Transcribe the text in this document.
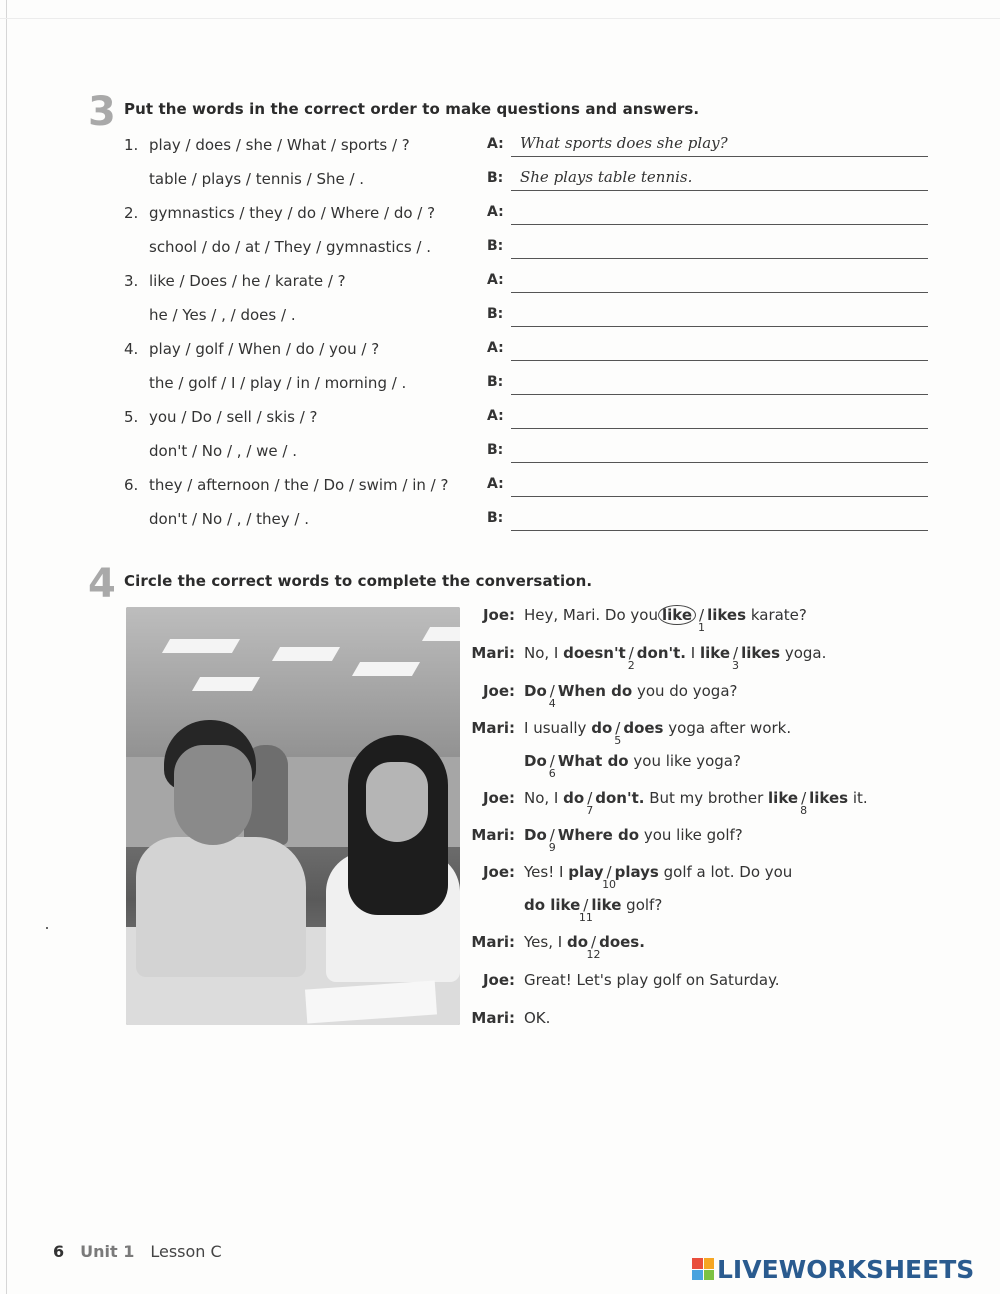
3 Put the words in the correct order to make questions and answers.
1. play / does / she / What / sports / ?	A: What sports does she play?
table / plays / tennis / She / .	B: She plays table tennis.
2. gymnastics / they / do / Where / do / ?	A:
school / do / at / They / gymnastics / .	B:
3. like / Does / he / karate / ?	A:
he / Yes / , / does / .	B:
4. play / golf / When / do / you / ?	A:
the / golf / I / play / in / morning / .	B:
5. you / Do / sell / skis / ?	A:
don't / No / , / we / .	B:
6. they / afternoon / the / Do / swim / in / ?	A:
don't / No / , / they / .	B:
4 Circle the correct words to complete the conversation.
Joe: Hey, Mari. Do you like /
1
likes karate?
Mari: No, I doesn't /
2
don't. I like /
3
likes yoga.
Joe: Do /
4
When do you do yoga?
Mari: I usually do /
5
does yoga after work.
Do /
6
What do you like yoga?
Joe: No, I do /
7
don't. But my brother like /
8
likes it.
Mari: Do /
9
Where do you like golf?
Joe: Yes! I play /
10
plays golf a lot. Do you
do like /
11
like golf?
Mari: Yes, I do /
12
does.
Joe: Great! Let's play golf on Saturday.
Mari: OK.
6 Unit 1 Lesson C
LIVEWORKSHEETS
